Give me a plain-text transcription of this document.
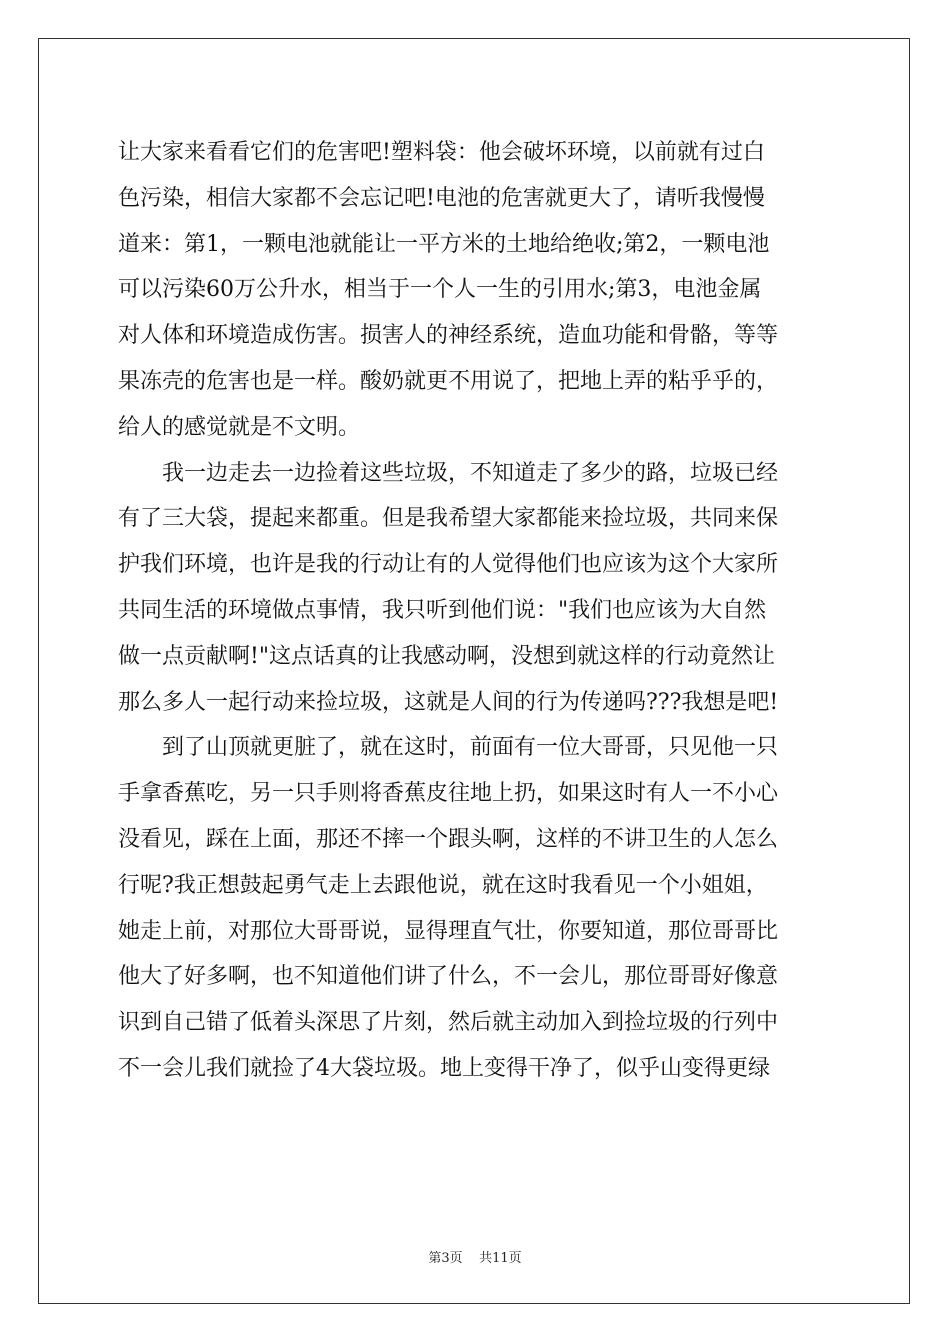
让大家来看看它们的危害吧!塑料袋：他会破坏环境，以前就有过白
色污染，相信大家都不会忘记吧!电池的危害就更大了，请听我慢慢
道来：第1，一颗电池就能让一平方米的土地给绝收;第2，一颗电池
可以污染60万公升水，相当于一个人一生的引用水;第3，电池金属
对人体和环境造成伤害。损害人的神经系统，造血功能和骨骼，等等
果冻壳的危害也是一样。酸奶就更不用说了，把地上弄的粘乎乎的，
给人的感觉就是不文明。
　　我一边走去一边捡着这些垃圾，不知道走了多少的路，垃圾已经
有了三大袋，提起来都重。但是我希望大家都能来捡垃圾，共同来保
护我们环境，也许是我的行动让有的人觉得他们也应该为这个大家所
共同生活的环境做点事情，我只听到他们说："我们也应该为大自然
做一点贡献啊!"这点话真的让我感动啊，没想到就这样的行动竟然让
那么多人一起行动来捡垃圾，这就是人间的行为传递吗???我想是吧!
　　到了山顶就更脏了，就在这时，前面有一位大哥哥，只见他一只
手拿香蕉吃，另一只手则将香蕉皮往地上扔，如果这时有人一不小心
没看见，踩在上面，那还不摔一个跟头啊，这样的不讲卫生的人怎么
行呢?我正想鼓起勇气走上去跟他说，就在这时我看见一个小姐姐，
她走上前，对那位大哥哥说，显得理直气壮，你要知道，那位哥哥比
他大了好多啊，也不知道他们讲了什么，不一会儿，那位哥哥好像意
识到自己错了低着头深思了片刻，然后就主动加入到捡垃圾的行列中
不一会儿我们就捡了4大袋垃圾。地上变得干净了，似乎山变得更绿
第3页 共11页
